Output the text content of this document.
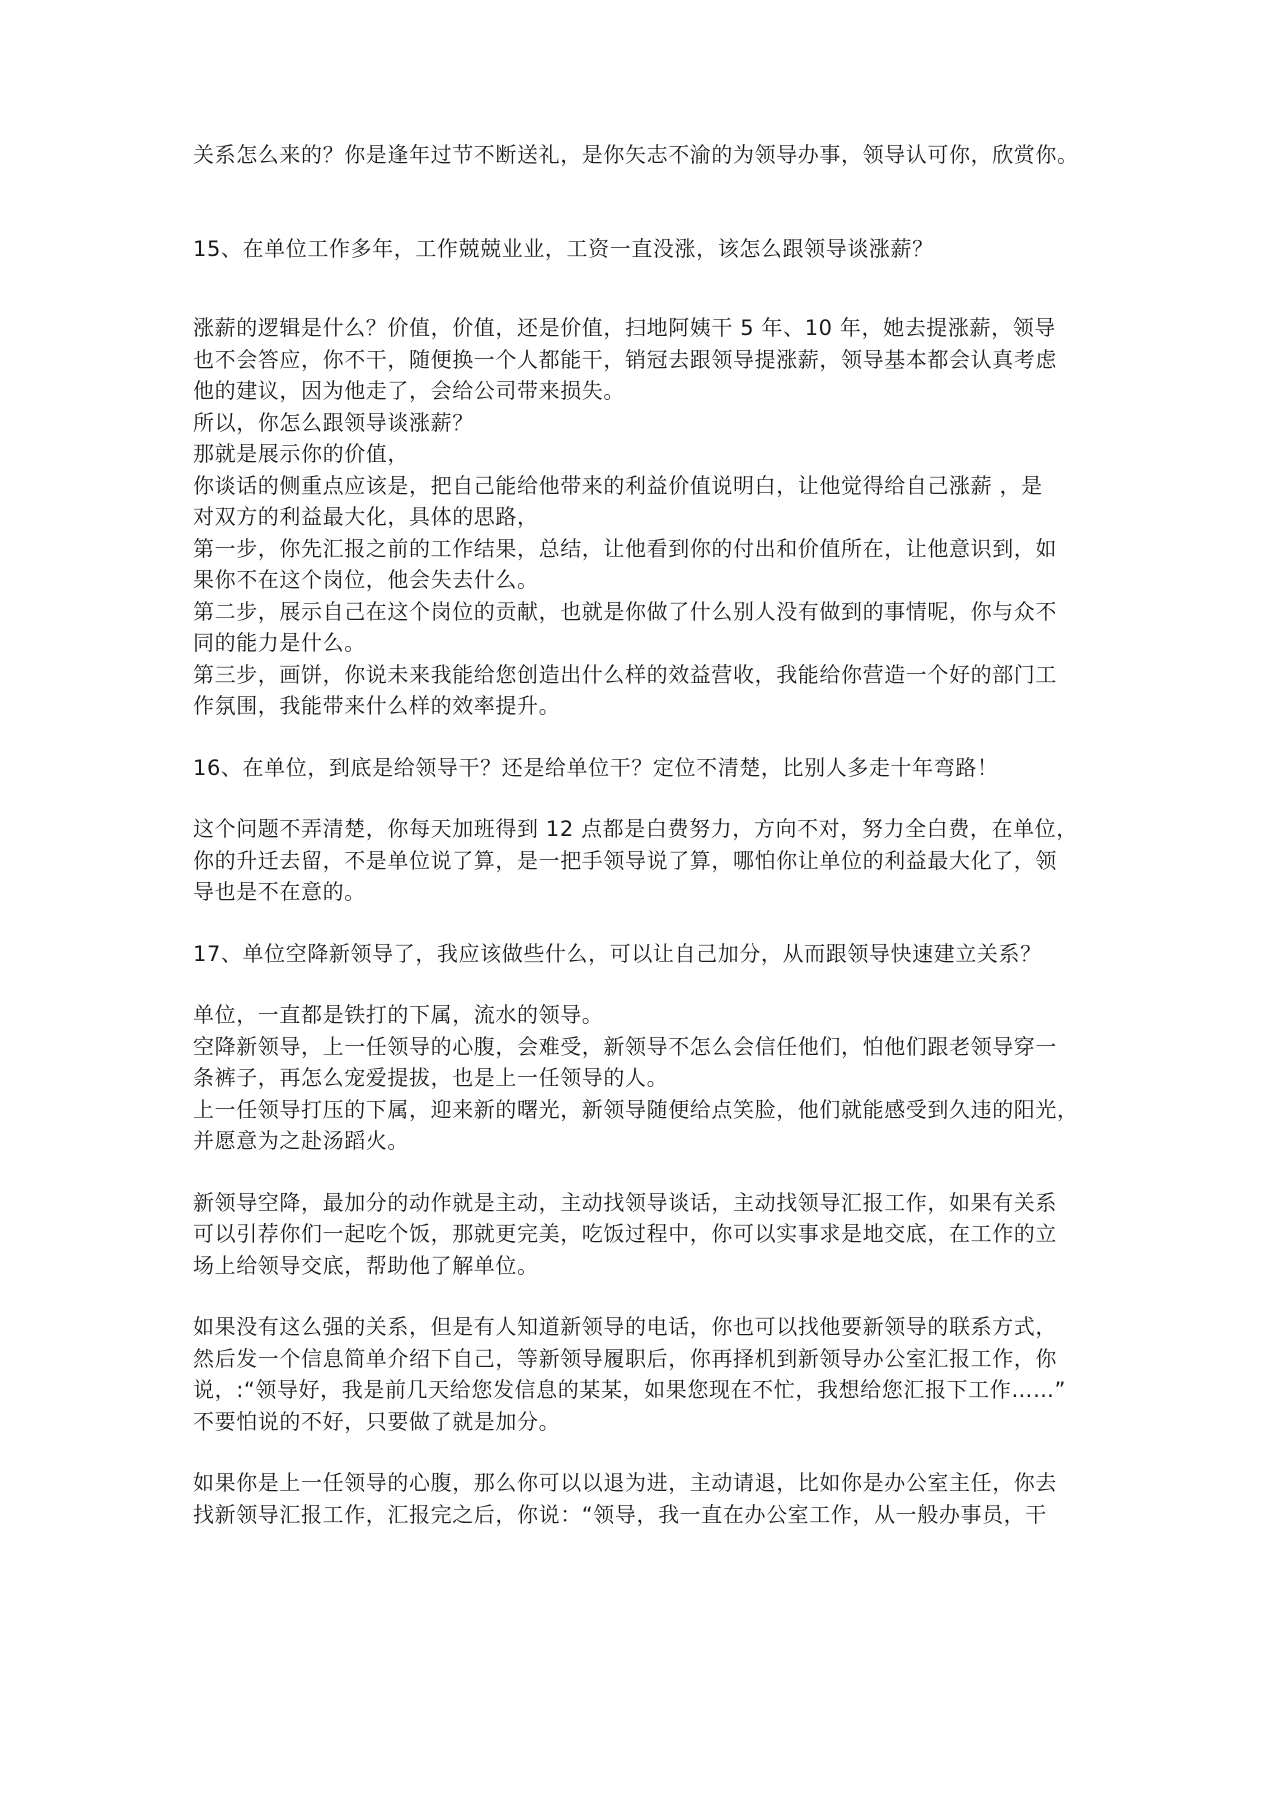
关系怎么来的？你是逢年过节不断送礼，是你矢志不渝的为领导办事，领导认可你，欣赏你。
15、在单位工作多年，工作兢兢业业，工资一直没涨，该怎么跟领导谈涨薪？
涨薪的逻辑是什么？价值，价值，还是价值，扫地阿姨干 5 年、10 年，她去提涨薪，领导
也不会答应，你不干，随便换一个人都能干，销冠去跟领导提涨薪，领导基本都会认真考虑
他的建议，因为他走了，会给公司带来损失。
所以，你怎么跟领导谈涨薪？
那就是展示你的价值，
你谈话的侧重点应该是，把自己能给他带来的利益价值说明白，让他觉得给自己涨薪 ，是
对双方的利益最大化，具体的思路，
第一步，你先汇报之前的工作结果，总结，让他看到你的付出和价值所在，让他意识到，如
果你不在这个岗位，他会失去什么。
第二步，展示自己在这个岗位的贡献，也就是你做了什么别人没有做到的事情呢，你与众不
同的能力是什么。
第三步，画饼，你说未来我能给您创造出什么样的效益营收，我能给你营造一个好的部门工
作氛围，我能带来什么样的效率提升。
16、在单位，到底是给领导干？还是给单位干？定位不清楚，比别人多走十年弯路！
这个问题不弄清楚，你每天加班得到 12 点都是白费努力，方向不对，努力全白费，在单位，
你的升迁去留，不是单位说了算，是一把手领导说了算，哪怕你让单位的利益最大化了，领
导也是不在意的。
17、单位空降新领导了，我应该做些什么，可以让自己加分，从而跟领导快速建立关系？
单位，一直都是铁打的下属，流水的领导。
空降新领导，上一任领导的心腹，会难受，新领导不怎么会信任他们，怕他们跟老领导穿一
条裤子，再怎么宠爱提拔，也是上一任领导的人。
上一任领导打压的下属，迎来新的曙光，新领导随便给点笑脸，他们就能感受到久违的阳光，
并愿意为之赴汤蹈火。
新领导空降，最加分的动作就是主动，主动找领导谈话，主动找领导汇报工作，如果有关系
可以引荐你们一起吃个饭，那就更完美，吃饭过程中，你可以实事求是地交底，在工作的立
场上给领导交底，帮助他了解单位。
如果没有这么强的关系，但是有人知道新领导的电话，你也可以找他要新领导的联系方式，
然后发一个信息简单介绍下自己，等新领导履职后，你再择机到新领导办公室汇报工作，你
说，:“领导好，我是前几天给您发信息的某某，如果您现在不忙，我想给您汇报下工作……”
不要怕说的不好，只要做了就是加分。
如果你是上一任领导的心腹，那么你可以以退为进，主动请退，比如你是办公室主任，你去
找新领导汇报工作，汇报完之后，你说：“领导，我一直在办公室工作，从一般办事员，干
